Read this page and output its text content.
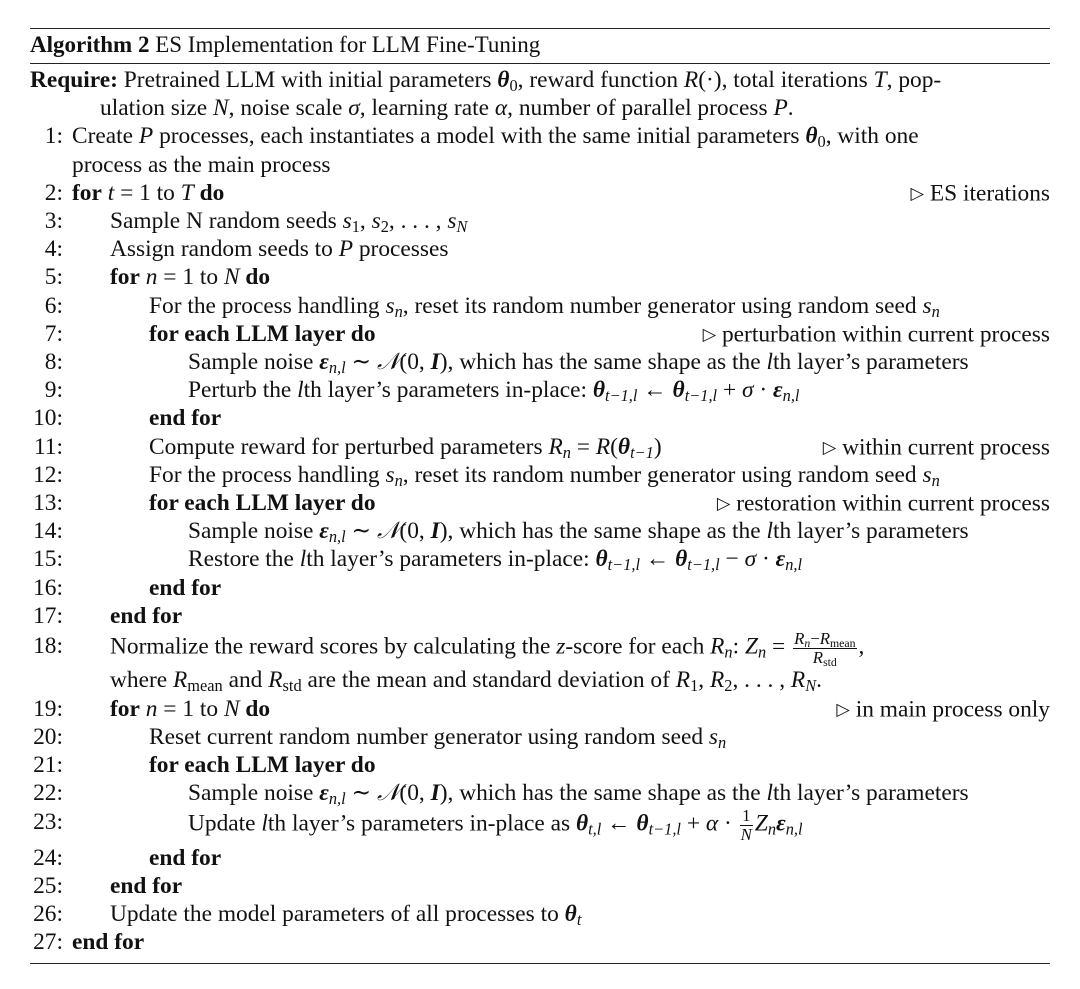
Algorithm 2 ES Implementation for LLM Fine-Tuning
Require: Pretrained LLM with initial parameters $\theta_0$, reward function R(·), total iterations T, pop-
ulation size N, noise scale σ, learning rate α, number of parallel process P.
1: Create P processes, each instantiates a model with the same initial parameters $\theta_0$, with one
process as the main process
2: for t = 1 to T do	▷ ES iterations
3:	Sample N random seeds $s_1$, $s_2$, . . . , $s_N$
4:	Assign random seeds to P processes
5:	for n = 1 to N do
6:	For the process handling $s_n$, reset its random number generator using random seed $s_n$
7:	for each LLM layer do	▷ perturbation within current process
8:	Sample noise $\varepsilon_{n,l}$ ∼ 𝒩(0, I), which has the same shape as the lth layer’s parameters
9:	Perturb the lth layer’s parameters in-place: $\theta_{t-1,l}$ ← $\theta_{t-1,l} + \sigma \cdot \varepsilon_{n,l}$
10:	end for
11:	Compute reward for perturbed parameters $R_n = R(\theta_{t-1})$	▷ within current process
12:	For the process handling $s_n$, reset its random number generator using random seed $s_n$
13:	for each LLM layer do	▷ restoration within current process
14:	Sample noise $\varepsilon_{n,l}$ ∼ 𝒩(0, I), which has the same shape as the lth layer’s parameters
15:	Restore the lth layer’s parameters in-place: $\theta_{t-1,l}$ ← $\theta_{t-1,l} - \sigma \cdot \varepsilon_{n,l}$
16:	end for
17:	end for
18:	Normalize the reward scores by calculating the z-score for each $R_n$: $Z_n = \frac{R_n-R_{mean}}{R_{std}}$ ,
where $R_{mean}$ and $R_{std}$ are the mean and standard deviation of $R_1$, $R_2$, . . . , $R_N$.
19:	for n = 1 to N do	▷ in main process only
20:	Reset current random number generator using random seed $s_n$
21:	for each LLM layer do
22:	Sample noise $\varepsilon_{n,l}$ ∼ 𝒩(0, I), which has the same shape as the lth layer’s parameters
23:	Update lth layer’s parameters in-place as $\theta_{t,l}$ ← $\theta_{t-1,l} + \alpha \cdot \frac{1}{N} Z_n\varepsilon_{n,l}$
24:	end for
25:	end for
26:	Update the model parameters of all processes to $\theta_t$
27: end for
